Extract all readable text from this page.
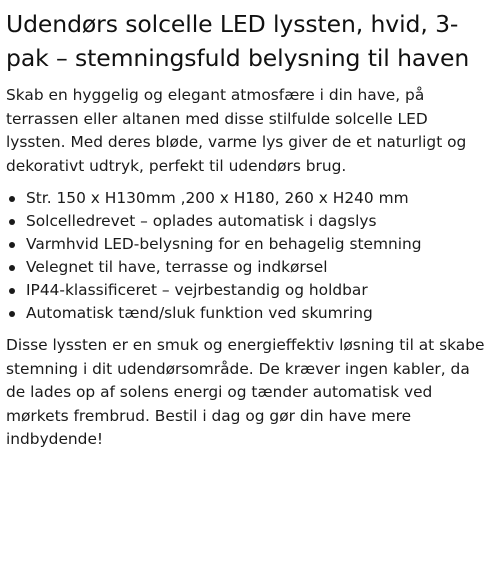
Udendørs solcelle LED lyssten, hvid, 3-pak – stemningsfuld belysning til haven

Skab en hyggelig og elegant atmosfære i din have, på terrassen eller altanen med disse stilfulde solcelle LED lyssten. Med deres bløde, varme lys giver de et naturligt og dekorativt udtryk, perfekt til udendørs brug.

Str. 150 x H130mm ,200 x H180, 260 x H240 mm
Solcelledrevet – oplades automatisk i dagslys
Varmhvid LED-belysning for en behagelig stemning
Velegnet til have, terrasse og indkørsel
IP44-klassificeret – vejrbestandig og holdbar
Automatisk tænd/sluk funktion ved skumring

Disse lyssten er en smuk og energieffektiv løsning til at skabe stemning i dit udendørsområde. De kræver ingen kabler, da de lades op af solens energi og tænder automatisk ved mørkets frembrud. Bestil i dag og gør din have mere indbydende!
